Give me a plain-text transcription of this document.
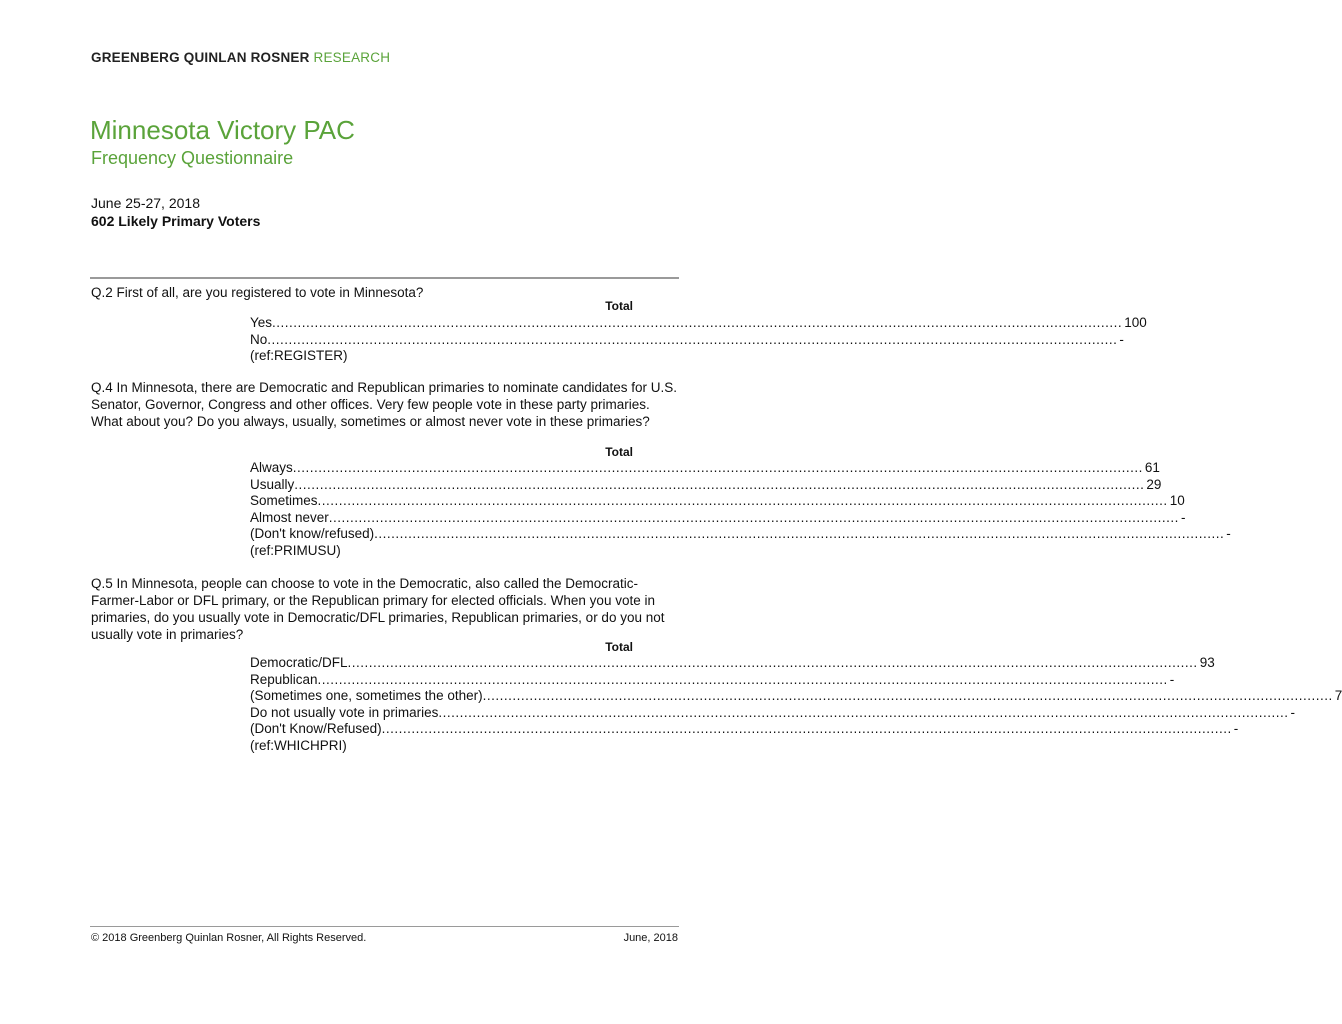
GREENBERG QUINLAN ROSNER RESEARCH
Minnesota Victory PAC
Frequency Questionnaire
June 25-27, 2018
602 Likely Primary Voters
Q.2 First of all, are you registered to vote in Minnesota?
Total
Yes ........................................................................................................................................................................................................ 100
No ........................................................................................................................................................................................................ -
(ref:REGISTER)
Q.4 In Minnesota, there are Democratic and Republican primaries to nominate candidates for U.S. Senator, Governor, Congress and other offices. Very few people vote in these party primaries. What about you? Do you always, usually, sometimes or almost never vote in these primaries?
Total
Always ........................................................................................................................................................................................................ 61
Usually ........................................................................................................................................................................................................ 29
Sometimes ........................................................................................................................................................................................................ 10
Almost never ........................................................................................................................................................................................................ -
(Don't know/refused) ........................................................................................................................................................................................................ -
(ref:PRIMUSU)
Q.5 In Minnesota, people can choose to vote in the Democratic, also called the Democratic-Farmer-Labor or DFL primary, or the Republican primary for elected officials. When you vote in primaries, do you usually vote in Democratic/DFL primaries, Republican primaries, or do you not usually vote in primaries?
Total
Democratic/DFL ........................................................................................................................................................................................................ 93
Republican ........................................................................................................................................................................................................ -
(Sometimes one, sometimes the other) ........................................................................................................................................................................................................ 7
Do not usually vote in primaries ........................................................................................................................................................................................................ -
(Don't Know/Refused) ........................................................................................................................................................................................................ -
(ref:WHICHPRI)
© 2018 Greenberg Quinlan Rosner, All Rights Reserved.	June, 2018
